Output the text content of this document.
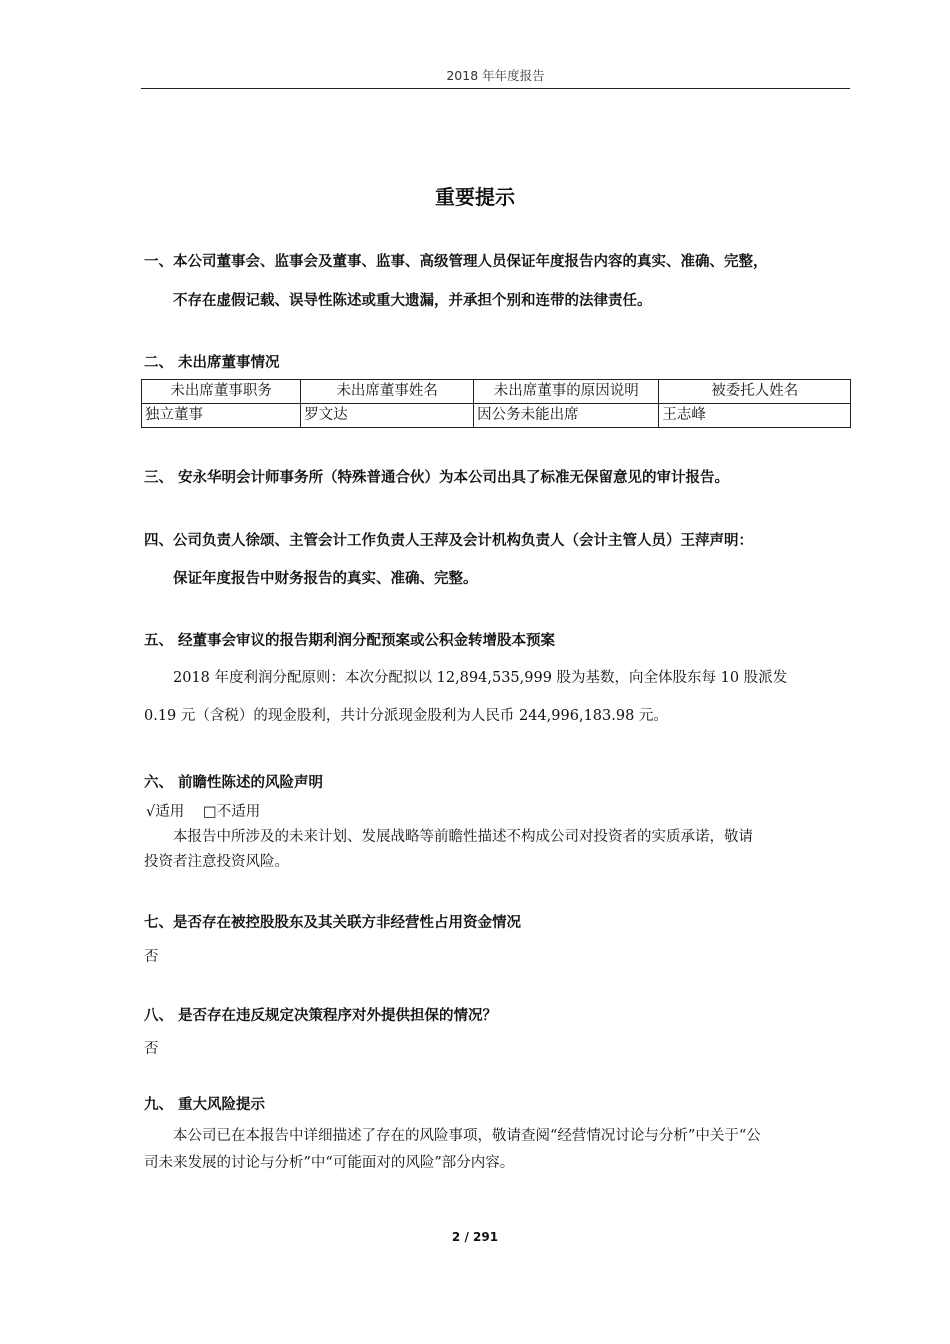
2018 年年度报告
重要提示
一、本公司董事会、监事会及董事、监事、高级管理人员保证年度报告内容的真实、准确、完整，
不存在虚假记载、误导性陈述或重大遗漏，并承担个别和连带的法律责任。
二、 未出席董事情况
未出席董事职务	未出席董事姓名	未出席董事的原因说明	被委托人姓名
独立董事	罗文达	因公务未能出席	王志峰
三、 安永华明会计师事务所（特殊普通合伙）为本公司出具了标准无保留意见的审计报告。
四、公司负责人徐颂、主管会计工作负责人王萍及会计机构负责人（会计主管人员）王萍声明：
保证年度报告中财务报告的真实、准确、完整。
五、 经董事会审议的报告期利润分配预案或公积金转增股本预案
2018 年度利润分配原则：本次分配拟以 12,894,535,999 股为基数，向全体股东每 10 股派发
0.19 元（含税）的现金股利，共计分派现金股利为人民币 244,996,183.98 元。
六、 前瞻性陈述的风险声明
√适用 □不适用
本报告中所涉及的未来计划、发展战略等前瞻性描述不构成公司对投资者的实质承诺，敬请
投资者注意投资风险。
七、是否存在被控股股东及其关联方非经营性占用资金情况
否
八、 是否存在违反规定决策程序对外提供担保的情况？
否
九、 重大风险提示
本公司已在本报告中详细描述了存在的风险事项，敬请查阅“经营情况讨论与分析”中关于“公
司未来发展的讨论与分析”中“可能面对的风险”部分内容。
2 / 291
